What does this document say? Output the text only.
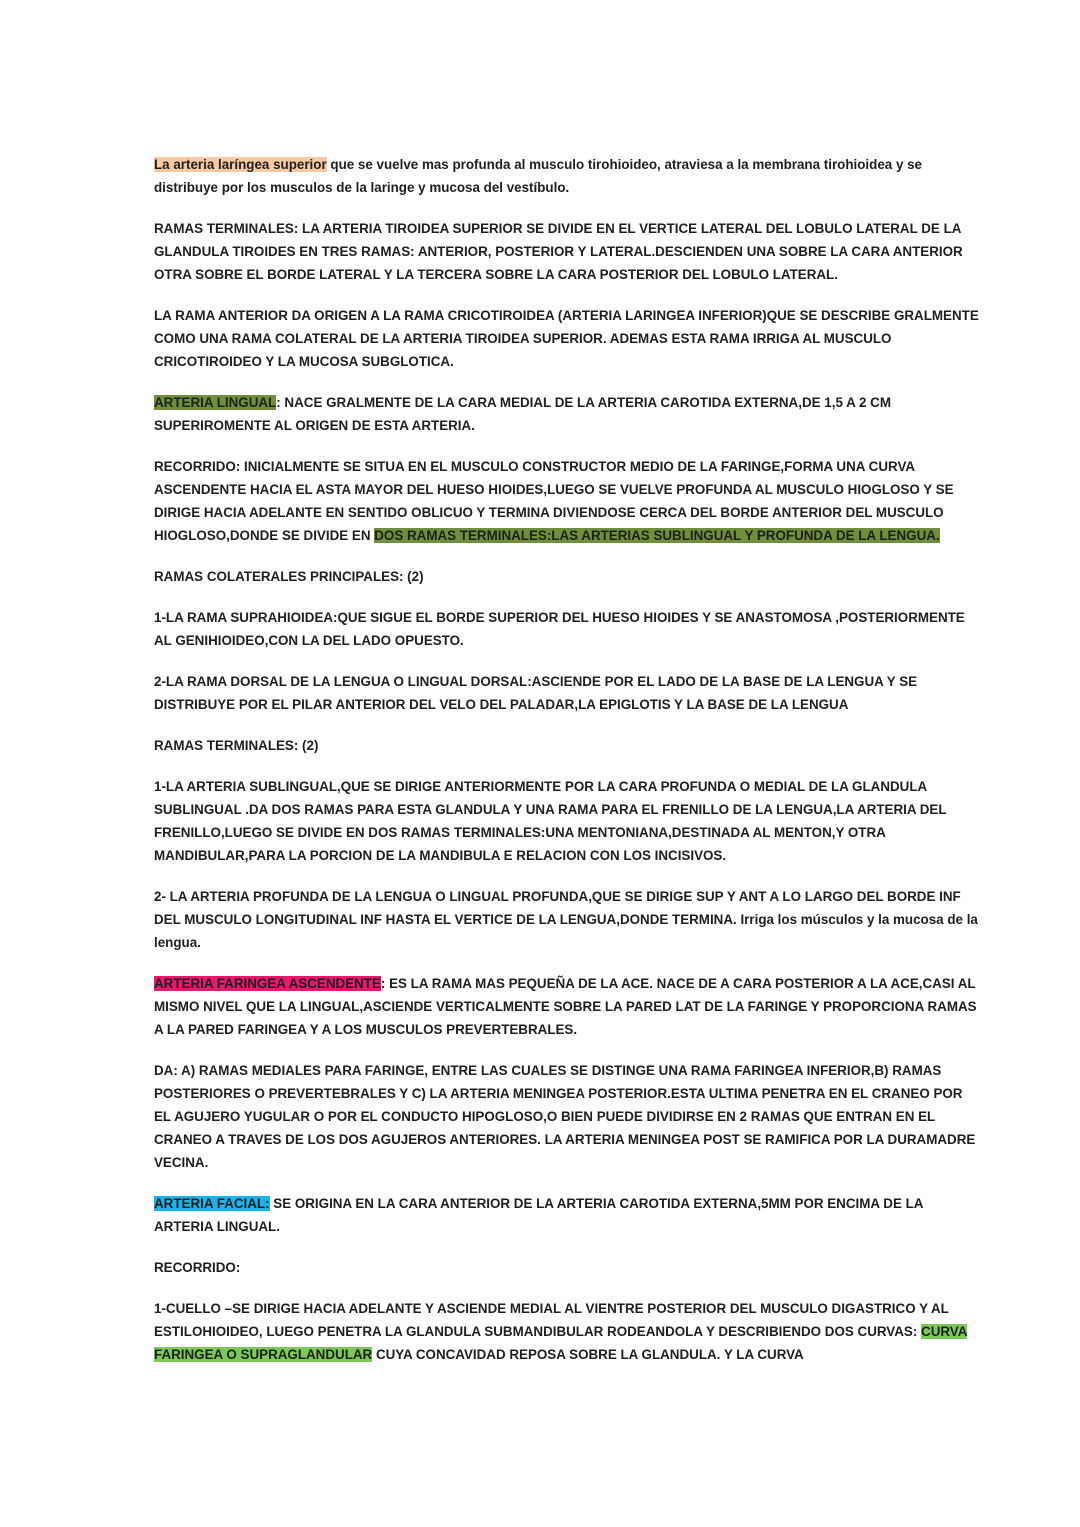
La arteria laríngea superior que se vuelve mas profunda al musculo tirohioideo, atraviesa a la membrana tirohioidea y se distribuye por los musculos de la laringe y mucosa del vestíbulo.

RAMAS TERMINALES: LA ARTERIA TIROIDEA SUPERIOR SE DIVIDE EN EL VERTICE LATERAL DEL LOBULO LATERAL DE LA GLANDULA TIROIDES EN TRES RAMAS: ANTERIOR, POSTERIOR Y LATERAL.DESCIENDEN UNA SOBRE LA CARA ANTERIOR OTRA SOBRE EL BORDE LATERAL Y LA TERCERA SOBRE LA CARA POSTERIOR DEL LOBULO LATERAL.

LA RAMA ANTERIOR DA ORIGEN A LA RAMA CRICOTIROIDEA (ARTERIA LARINGEA INFERIOR)QUE SE DESCRIBE GRALMENTE COMO UNA RAMA COLATERAL DE LA ARTERIA TIROIDEA SUPERIOR. ADEMAS ESTA RAMA IRRIGA AL MUSCULO CRICOTIROIDEO Y LA MUCOSA SUBGLOTICA.

ARTERIA LINGUAL: NACE GRALMENTE DE LA CARA MEDIAL DE LA ARTERIA CAROTIDA EXTERNA,DE 1,5 A 2 CM SUPERIROMENTE AL ORIGEN DE ESTA ARTERIA.

RECORRIDO: INICIALMENTE SE SITUA EN EL MUSCULO CONSTRUCTOR MEDIO DE LA FARINGE,FORMA UNA CURVA ASCENDENTE HACIA EL ASTA MAYOR DEL HUESO HIOIDES,LUEGO SE VUELVE PROFUNDA AL MUSCULO HIOGLOSO Y SE DIRIGE HACIA ADELANTE EN SENTIDO OBLICUO Y TERMINA DIVIENDOSE CERCA DEL BORDE ANTERIOR DEL MUSCULO HIOGLOSO,DONDE SE DIVIDE EN DOS RAMAS TERMINALES:LAS ARTERIAS SUBLINGUAL Y PROFUNDA DE LA LENGUA.

RAMAS COLATERALES PRINCIPALES: (2)

1-LA RAMA SUPRAHIOIDEA:QUE SIGUE EL BORDE SUPERIOR DEL HUESO HIOIDES Y SE ANASTOMOSA ,POSTERIORMENTE AL GENIHIOIDEO,CON LA DEL LADO OPUESTO.

2-LA RAMA DORSAL DE LA LENGUA O LINGUAL DORSAL:ASCIENDE POR EL LADO DE LA BASE DE LA LENGUA Y SE DISTRIBUYE POR EL PILAR ANTERIOR DEL VELO DEL PALADAR,LA EPIGLOTIS Y LA BASE DE LA LENGUA

RAMAS TERMINALES: (2)

1-LA ARTERIA SUBLINGUAL,QUE SE DIRIGE ANTERIORMENTE POR LA CARA PROFUNDA O MEDIAL DE LA GLANDULA SUBLINGUAL .DA DOS RAMAS PARA ESTA GLANDULA Y UNA RAMA PARA EL FRENILLO DE LA LENGUA,LA ARTERIA DEL FRENILLO,LUEGO SE DIVIDE EN DOS RAMAS TERMINALES:UNA MENTONIANA,DESTINADA AL MENTON,Y OTRA MANDIBULAR,PARA LA PORCION DE LA MANDIBULA E RELACION CON LOS INCISIVOS.

2- LA ARTERIA PROFUNDA DE LA LENGUA O LINGUAL PROFUNDA,QUE SE DIRIGE SUP Y ANT A LO LARGO DEL BORDE INF DEL MUSCULO LONGITUDINAL INF HASTA EL VERTICE DE LA LENGUA,DONDE TERMINA. Irriga los músculos y la mucosa de la lengua.

ARTERIA FARINGEA ASCENDENTE: ES LA RAMA MAS PEQUEÑA DE LA ACE. NACE DE A CARA POSTERIOR A LA ACE,CASI AL MISMO NIVEL QUE LA LINGUAL,ASCIENDE VERTICALMENTE SOBRE LA PARED LAT DE LA FARINGE Y PROPORCIONA RAMAS A LA PARED FARINGEA Y A LOS MUSCULOS PREVERTEBRALES.

DA: A) RAMAS MEDIALES PARA FARINGE, ENTRE LAS CUALES SE DISTINGE UNA RAMA FARINGEA INFERIOR,B) RAMAS POSTERIORES O PREVERTEBRALES Y C) LA ARTERIA MENINGEA POSTERIOR.ESTA ULTIMA PENETRA EN EL CRANEO POR EL AGUJERO YUGULAR O POR EL CONDUCTO HIPOGLOSO,O BIEN PUEDE DIVIDIRSE EN 2 RAMAS QUE ENTRAN EN EL CRANEO A TRAVES DE LOS DOS AGUJEROS ANTERIORES. LA ARTERIA MENINGEA POST SE RAMIFICA POR LA DURAMADRE VECINA.

ARTERIA FACIAL: SE ORIGINA EN LA CARA ANTERIOR DE LA ARTERIA CAROTIDA EXTERNA,5MM POR ENCIMA DE LA ARTERIA LINGUAL.

RECORRIDO:

1-CUELLO –SE DIRIGE HACIA ADELANTE Y ASCIENDE MEDIAL AL VIENTRE POSTERIOR DEL MUSCULO DIGASTRICO Y AL ESTILOHIOIDEO, LUEGO PENETRA LA GLANDULA SUBMANDIBULAR RODEANDOLA Y DESCRIBIENDO DOS CURVAS: CURVA FARINGEA O SUPRAGLANDULAR CUYA CONCAVIDAD REPOSA SOBRE LA GLANDULA. Y LA CURVA
